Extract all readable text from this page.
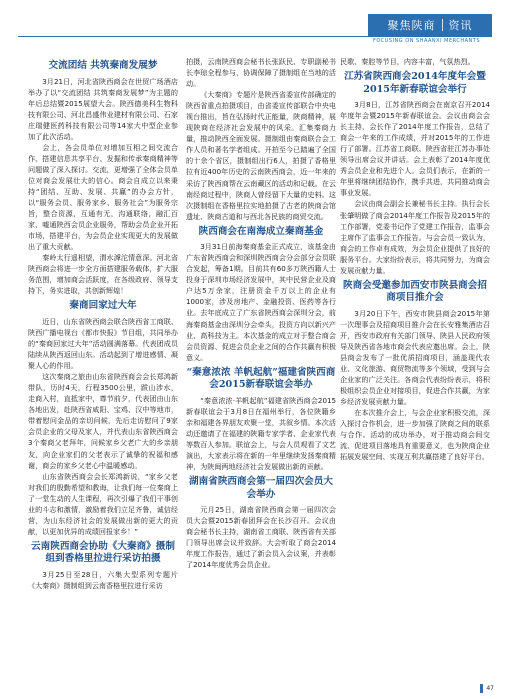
聚焦陕商 资讯
FOCUSING ON SHAANXI MERCHANTS
交流团结 共筑秦商发展梦
3月21日，河北省陕西商会在世贸广场酒店举办了以“交流团结 共筑秦商发展梦”为主题的年后总结暨2015展望大会。陕西德美科生物科技有限公司、河北昌盛伟业建材有限公司、石家庄瑞健医药科技有限公司等14家大中型企业参加了此次活动。
会上，各会员单位对增加互相之间交流合作、搭建信息共享平台、发掘和传承秦商精神等问题做了深入探讨。交流，更增强了全体会员单位对商会发展壮大的信心。商会自成立以来秉持“团结、互助、发展、共赢”的办会方针，以“服务会员、服务家乡、服务社会”为服务宗旨，整合资源，互通有无，沟通联络，融汇百家，嘘通陕西会员企业服务，帮助会员企业开拓市场，搭建平台，为会员企业实现更大的发展做出了重大贡献。
秦岭太行遥相望，渭水滹沱情意深。河北省陕西商会将进一步全方面搭建服务载体，扩大服务范围，增加商会活跃度，在各级政府、领导支持下，务实进取，共创新辉煌！
秦商回家过大年
近日，山东省陕西商会联合陕西省工商联、陕西广播电视台《都市快报》节目组，共同举办的“秦商回家过大年”活动圆满落幕。代表团成员陆续从陕西返回山东。活动起到了增进感情、凝聚人心的作用。
这次秦商之旅由山东省陕西商会会长郑鸿新带队，历时4天，行程3500公里，跋山涉水，走商入村，直抵家中，尊节前夕，代表团由山东各地出发，赴陕西省咸阳、宝鸡、汉中等地市，带着慰问金品的亲切问候，先后走访慰问了9家会员企业的父母及家人，并代表山东省陕西商会3个秦商父老拜年，问候家乡父老广大的乡亲朋友，向企业家们的父老表示了诚挚的祝福和感谢，商会的家乡父老心中温暖感动。
山东省陕西商会会长郑鸿新说，“家乡父老对我们的殷勤希望和教诲，让我们每一位秦商上了一堂生动的人生课程，再次引爆了我们干事创业的斗志和激情，激励着我们立足齐鲁，诚信经营，为山东经济社会的发展做出新的更大的贡献，以更加优异的成绩回报家乡！”
云南陕西商会协助《大秦商》摄制组到香格里拉进行采访拍摄
3月25日至28日，六集大型系列专题片《大秦商》摄制组到云南香格里拉进行采访
拍摄，云南陕西商会秘书长张跃民、专职副秘书长李琼全程参与，协调保障了摄制组在当地的活动。
《大秦商》专题片是陕西省委宣传部确定的陕西省重点拍摄项目，由省委宣传部联合中央电视台推出，旨在弘扬时代正能量，陕商精神，展现陕商在经济社会发展中的风采。汇集秦商力量，推动陕西全面发展。摄制组由秦商联合会工作人员和著名学者组成。开拍至今已踏遍了全国的十余个省区，摄制组出行6人，拍摄了香格里拉有近400年历史的云南陕西商会，近一年来的采访了陕西商帮在云南藏区的活动和记载。在云南经商过程中，陕商人曾经留下大量的史料。这次摄制组在香格里拉实地拍摄了古老的陕商会馆遗址、陕商古道和与西北各民族的商贸交流。
陕西商会在南海成立秦商基金
3月31日前海秦商基金正式成立，该基金由广东省陕西商会和深圳陕西商会分会部分会员联合发起，筹备1期。目前共有60多万陕西籍人士投身于深圳市场经济发展中，其中民营企业及商户达5万余家，注册资金千万以上的企业有1000家，涉及房地产、金融投资、医药等各行业。去年底成立了广东省陕西商会深圳分会，前海秦商基金由深圳分会牵头，投资方向以新兴产业、高科技为主。本次基金的成立对于整合商会会员资源、促进会员企业之间的合作共赢有积极意义。
“秦意浓浓 羊帆起航”福建省陕西商会2015新春联谊会举办
“秦意浓浓·羊帆起航”福建省陕西商会2015新春联谊会于3月8日在福州举行，各位陕籍乡亲和福建各界朋友欢聚一堂，共叙乡情。本次活动还邀请了在福建的陕籍专家学者、企业家代表等数百人参加。联谊会上，与会人员观看了文艺演出，大家表示将在新的一年里继续发扬秦商精神，为陕闽两地经济社会发展做出新的贡献。
湖南省陕西商会第一届四次会员大会举办
元月25日，湖南省陕西商会第一届四次会员大会暨2015新春团拜会在长沙召开。会议由商会秘书长主持，湖南省工商联、陕西省有关部门领导出席会议并致辞。大会听取了商会2014年度工作报告，通过了新会员入会议案，并表彰了2014年度优秀会员企业。
民歌、秦腔等节目，内容丰富，气氛热烈。
江苏省陕西商会2014年度年会暨2015年新春联谊会举行
3月8日，江苏省陕西商会在南京召开2014年度年会暨2015年新春联谊会。会议由商会会长主持，会长作了2014年度工作报告，总结了商会一年来的工作成绩，并对2015年的工作进行了部署。江苏省工商联、陕西省驻江苏办事处领导出席会议并讲话。会上表彰了2014年度优秀会员企业和先进个人。会员们表示，在新的一年里将继续团结协作，携手共进，共同推动商会事业发展。
会议由商会副会长兼秘书长主持。执行会长张肇明做了商会2014年度工作报告及2015年的工作部署，党委书记作了党建工作报告，监事会主席作了监事会工作报告。与会会员一致认为，商会的工作卓有成效，为会员企业提供了良好的服务平台。大家纷纷表示，将共同努力，为商会发展贡献力量。
陕商会受邀参加西安市陕县商会招商项目推介会
3月20日下午，西安市陕县商会2015年第一次理事会及招商项目推介会在长安雅集酒店召开，西安市政府有关部门领导、陕县人民政府领导及陕西省各地市商会代表应邀出席。会上，陕县商会发布了一批优质招商项目，涵盖现代农业、文化旅游、商贸物流等多个领域，受到与会企业家的广泛关注。各商会代表纷纷表示，将积极组织会员企业对接项目，促进合作共赢，为家乡经济发展贡献力量。
在本次推介会上，与会企业家积极交流，深入探讨合作机会，进一步加强了陕商之间的联系与合作。活动的成功举办，对于推动商会间交流、促进项目落地具有重要意义，也为陕商企业拓展发展空间、实现互利共赢搭建了良好平台。
47
